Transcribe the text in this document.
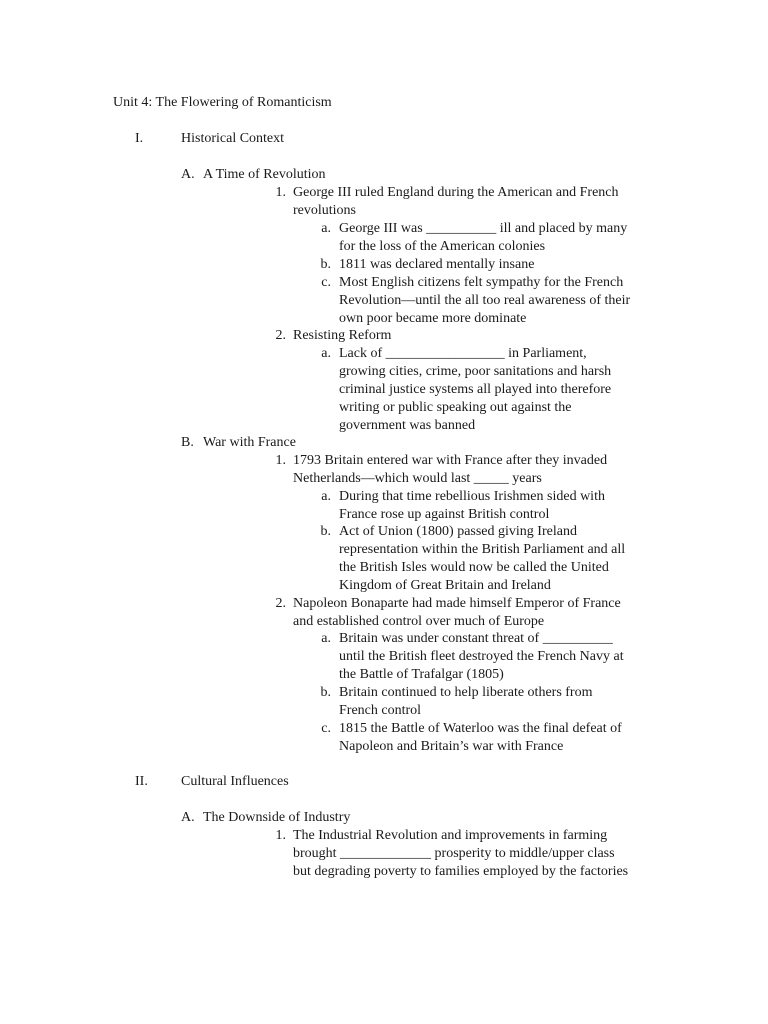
Unit 4: The Flowering of Romanticism
I.	Historical Context
A. A Time of Revolution
1. George III ruled England during the American and French
revolutions
a. George III was __________ ill and placed by many
for the loss of the American colonies
b. 1811 was declared mentally insane
c. Most English citizens felt sympathy for the French
Revolution—until the all too real awareness of their
own poor became more dominate
2. Resisting Reform
a. Lack of _________________ in Parliament,
growing cities, crime, poor sanitations and harsh
criminal justice systems all played into therefore
writing or public speaking out against the
government was banned
B. War with France
1. 1793 Britain entered war with France after they invaded
Netherlands—which would last _____ years
a. During that time rebellious Irishmen sided with
France rose up against British control
b. Act of Union (1800) passed giving Ireland
representation within the British Parliament and all
the British Isles would now be called the United
Kingdom of Great Britain and Ireland
2. Napoleon Bonaparte had made himself Emperor of France
and established control over much of Europe
a. Britain was under constant threat of __________
until the British fleet destroyed the French Navy at
the Battle of Trafalgar (1805)
b. Britain continued to help liberate others from
French control
c. 1815 the Battle of Waterloo was the final defeat of
Napoleon and Britain’s war with France
II. Cultural Influences
A. The Downside of Industry
1. The Industrial Revolution and improvements in farming
brought _____________ prosperity to middle/upper class
but degrading poverty to families employed by the factories
